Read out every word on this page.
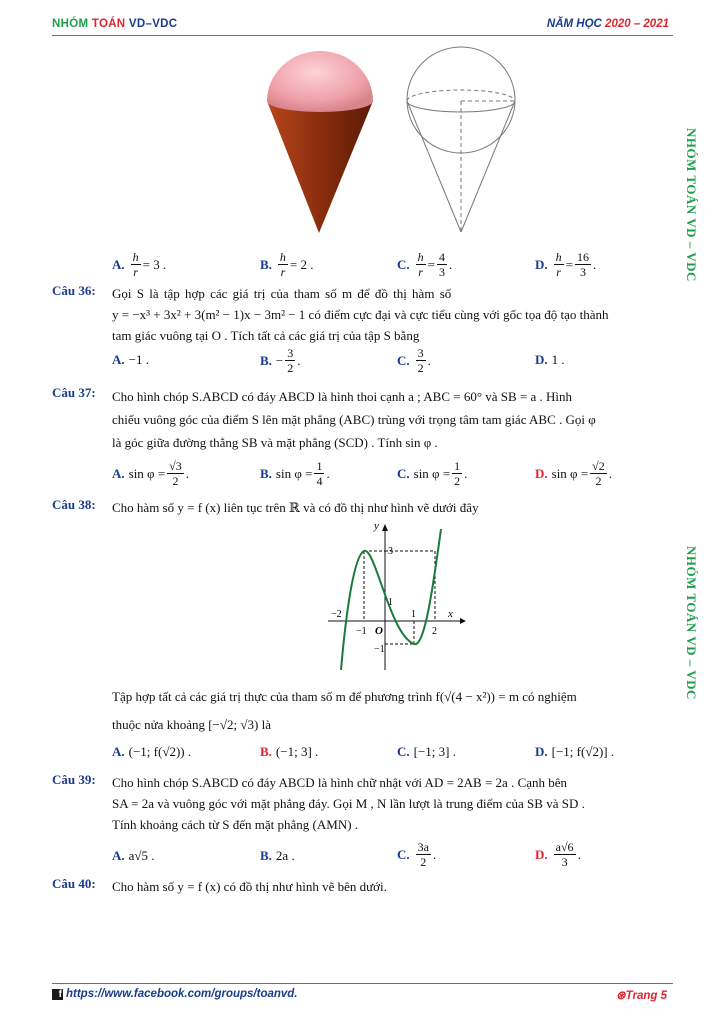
NHÓM TOÁN VD–VDC	NĂM HỌC 2020 – 2021
NHÓM TOÁN VD – VDC
NHÓM TOÁN VD – VDC
A. $\frac{h}{r} = 3$ .	B. $\frac{h}{r} = 2$ .	C. $\frac{h}{r} = \frac{4}{3}$ .	D. $\frac{h}{r} = \frac{16}{3}$ .
Câu 36: Gọi S là tập hợp các giá trị của tham số m để đồ thị hàm số
y = −x³ + 3x² + 3(m² − 1)x − 3m² − 1 có điểm cực đại và cực tiểu cùng với gốc tọa độ tạo thành
tam giác vuông tại O . Tích tất cả các giá trị của tập S bằng
A. −1 .	B. − $\frac{3}{2}$ .	C. $\frac{3}{2}$ .	D. 1 .
Câu 37: Cho hình chóp S.ABCD có đáy ABCD là hình thoi cạnh a ; ABC = 60° và SB = a . Hình
chiếu vuông góc của điểm S lên mặt phẳng (ABC) trùng với trọng tâm tam giác ABC . Gọi φ
là góc giữa đường thẳng SB và mặt phẳng (SCD) . Tính sin φ .
A. $\sin \varphi = \frac{√3}{2}$ .	B. $\sin \varphi = \frac{1}{4}$ .	C. $\sin \varphi = \frac{1}{2}$ .	D. $\sin \varphi = \frac{√2}{2}$ .
Câu 38: Cho hàm số y = f (x) liên tục trên ℝ và có đồ thị như hình vẽ dưới đây
x
y
O
−2
−1
1
2
3
1
−1
Tập hợp tất cả các giá trị thực của tham số m để phương trình f(√(4 − x²)) = m có nghiệm
thuộc nửa khoảng [−√2; √3) là
A. (−1; f(√2)) .	B. (−1; 3] .	C. [−1; 3] .	D. [−1; f(√2)] .
Câu 39: Cho hình chóp S.ABCD có đáy ABCD là hình chữ nhật với AD = 2AB = 2a . Cạnh bên
SA = 2a và vuông góc với mặt phẳng đáy. Gọi M , N lần lượt là trung điểm của SB và SD .
Tính khoảng cách từ S đến mặt phẳng (AMN) .
A. a√5 .	B. 2a .	C. $\frac{3a}{2}$ .	D. $\frac{a√6}{3}$ .
Câu 40: Cho hàm số y = f (x) có đồ thị như hình vẽ bên dưới.
f https://www.facebook.com/groups/toanvd.	⊛Trang 5
